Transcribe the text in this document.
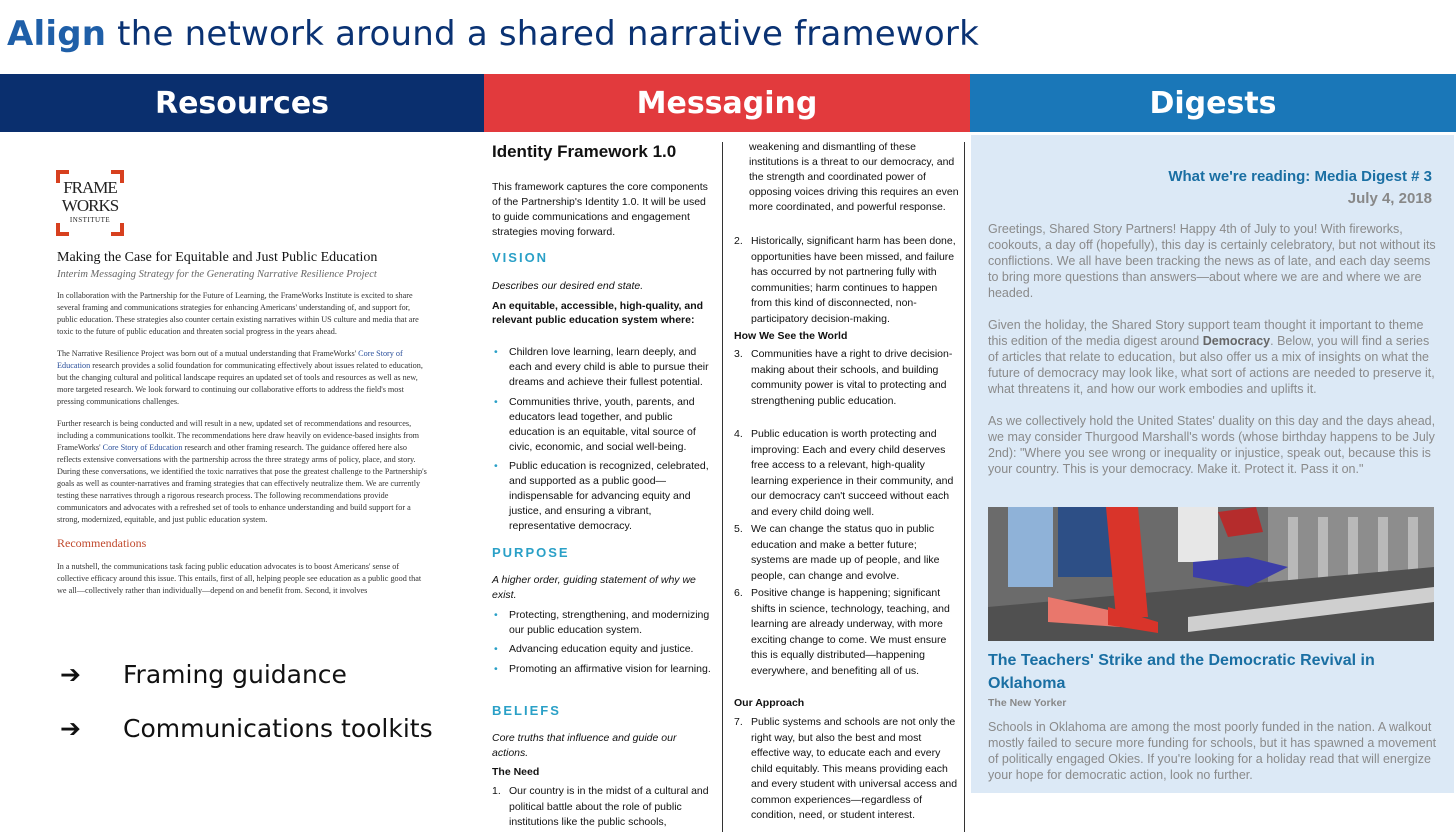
Align the network around a shared narrative framework
Resources	Messaging	Digests
FRAME
WORKS
INSTITUTE
Making the Case for Equitable and Just Public Education
Interim Messaging Strategy for the Generating Narrative Resilience Project

In collaboration with the Partnership for the Future of Learning, the FrameWorks Institute is excited to share several framing and communications strategies for enhancing Americans' understanding of, and support for, public education. These strategies also counter certain existing narratives within US culture and media that are toxic to the future of public education and threaten social progress in the years ahead.

The Narrative Resilience Project was born out of a mutual understanding that FrameWorks' Core Story of Education research provides a solid foundation for communicating effectively about issues related to education, but the changing cultural and political landscape requires an updated set of tools and resources as well as new, more targeted research. We look forward to continuing our collaborative efforts to address the field's most pressing communications challenges.

Further research is being conducted and will result in a new, updated set of recommendations and resources, including a communications toolkit. The recommendations here draw heavily on evidence-based insights from FrameWorks' Core Story of Education research and other framing research. The guidance offered here also reflects extensive conversations with the partnership across the three strategy arms of policy, place, and story. During these conversations, we identified the toxic narratives that pose the greatest challenge to the Partnership's goals as well as counter-narratives and framing strategies that can effectively neutralize them. We are currently testing these narratives through a rigorous research process. The following recommendations provide communicators and advocates with a refreshed set of tools to enhance understanding and build support for a strong, modernized, equitable, and just public education system.

Recommendations

In a nutshell, the communications task facing public education advocates is to boost Americans' sense of collective efficacy around this issue. This entails, first of all, helping people see education as a public good that we all—collectively rather than individually—depend on and benefit from. Second, it involves

➔ Framing guidance
➔ Communications toolkits
Identity Framework 1.0
This framework captures the core components of the Partnership's Identity 1.0. It will be used to guide communications and engagement strategies moving forward.
VISION
Describes our desired end state.
An equitable, accessible, high-quality, and relevant public education system where:
• Children love learning, learn deeply, and each and every child is able to pursue their dreams and achieve their fullest potential.
• Communities thrive, youth, parents, and educators lead together, and public education is an equitable, vital source of civic, economic, and social well-being.
• Public education is recognized, celebrated, and supported as a public good—indispensable for advancing equity and justice, and ensuring a vibrant, representative democracy.
PURPOSE
A higher order, guiding statement of why we exist.
• Protecting, strengthening, and modernizing our public education system.
• Advancing education equity and justice.
• Promoting an affirmative vision for learning.
BELIEFS
Core truths that influence and guide our actions.
The Need
1. Our country is in the midst of a cultural and political battle about the role of public institutions like the public schools,
weakening and dismantling of these institutions is a threat to our democracy, and the strength and coordinated power of opposing voices driving this requires an even more coordinated, and powerful response.
2. Historically, significant harm has been done, opportunities have been missed, and failure has occurred by not partnering fully with communities; harm continues to happen from this kind of disconnected, non-participatory decision-making.
How We See the World
3. Communities have a right to drive decision-making about their schools, and building community power is vital to protecting and strengthening public education.
4. Public education is worth protecting and improving: Each and every child deserves free access to a relevant, high-quality learning experience in their community, and our democracy can't succeed without each and every child doing well.
5. We can change the status quo in public education and make a better future; systems are made up of people, and like people, can change and evolve.
6. Positive change is happening; significant shifts in science, technology, teaching, and learning are already underway, with more exciting change to come. We must ensure this is equally distributed—happening everywhere, and benefiting all of us.
Our Approach
7. Public systems and schools are not only the right way, but also the best and most effective way, to educate each and every child equitably. This means providing each and every student with universal access and common experiences—regardless of condition, need, or student interest.
What we're reading: Media Digest # 3
July 4, 2018
Greetings, Shared Story Partners! Happy 4th of July to you! With fireworks, cookouts, a day off (hopefully), this day is certainly celebratory, but not without its conflictions. We all have been tracking the news as of late, and each day seems to bring more questions than answers—about where we are and where we are headed.
Given the holiday, the Shared Story support team thought it important to theme this edition of the media digest around Democracy. Below, you will find a series of articles that relate to education, but also offer us a mix of insights on what the future of democracy may look like, what sort of actions are needed to preserve it, what threatens it, and how our work embodies and uplifts it.
As we collectively hold the United States' duality on this day and the days ahead, we may consider Thurgood Marshall's words (whose birthday happens to be July 2nd): "Where you see wrong or inequality or injustice, speak out, because this is your country. This is your democracy. Make it. Protect it. Pass it on."
The Teachers' Strike and the Democratic Revival in Oklahoma
The New Yorker
Schools in Oklahoma are among the most poorly funded in the nation. A walkout mostly failed to secure more funding for schools, but it has spawned a movement of politically engaged Okies. If you're looking for a holiday read that will energize your hope for democratic action, look no further.
